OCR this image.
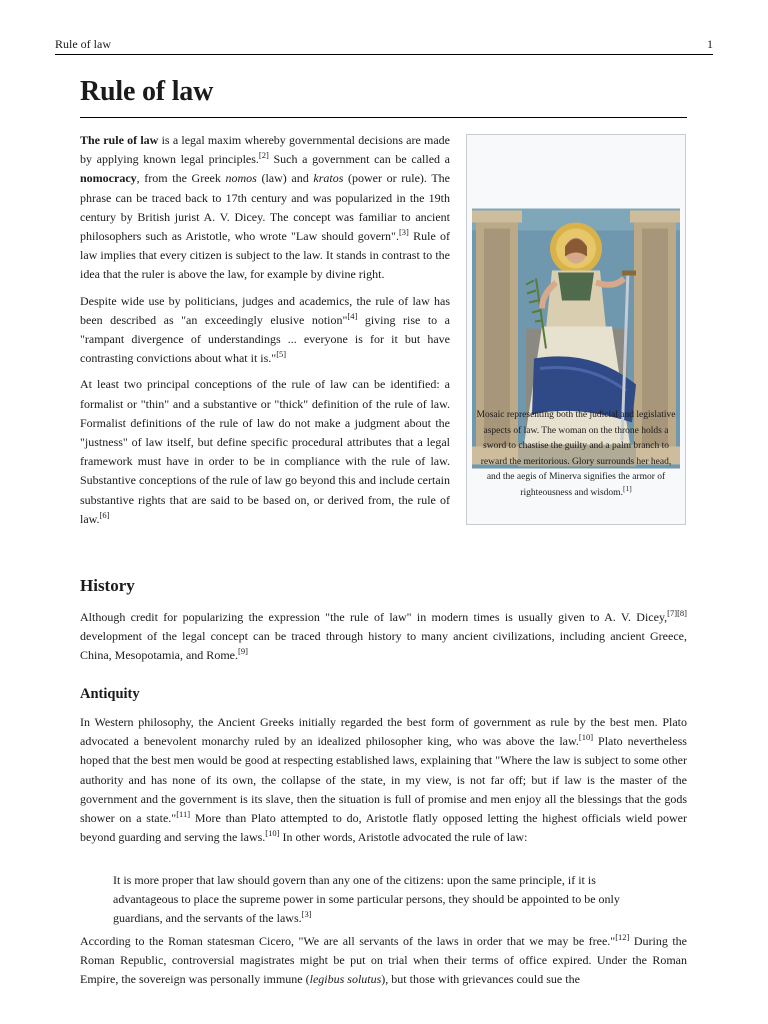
Rule of law	1
Rule of law

The rule of law is a legal maxim whereby governmental decisions are made by applying known legal principles.[2] Such a government can be called a nomocracy, from the Greek nomos (law) and kratos (power or rule). The phrase can be traced back to 17th century and was popularized in the 19th century by British jurist A. V. Dicey. The concept was familiar to ancient philosophers such as Aristotle, who wrote "Law should govern".[3] Rule of law implies that every citizen is subject to the law. It stands in contrast to the idea that the ruler is above the law, for example by divine right.

Despite wide use by politicians, judges and academics, the rule of law has been described as "an exceedingly elusive notion"[4] giving rise to a "rampant divergence of understandings ... everyone is for it but have contrasting convictions about what it is."[5]

At least two principal conceptions of the rule of law can be identified: a formalist or "thin" and a substantive or "thick" definition of the rule of law. Formalist definitions of the rule of law do not make a judgment about the "justness" of law itself, but define specific procedural attributes that a legal framework must have in order to be in compliance with the rule of law. Substantive conceptions of the rule of law go beyond this and include certain substantive rights that are said to be based on, or derived from, the rule of law.[6]

Mosaic representing both the judicial and legislative aspects of law. The woman on the throne holds a sword to chastise the guilty and a palm branch to reward the meritorious. Glory surrounds her head, and the aegis of Minerva signifies the armor of righteousness and wisdom.[1]
History

Although credit for popularizing the expression "the rule of law" in modern times is usually given to A. V. Dicey,[7][8] development of the legal concept can be traced through history to many ancient civilizations, including ancient Greece, China, Mesopotamia, and Rome.[9]

Antiquity

In Western philosophy, the Ancient Greeks initially regarded the best form of government as rule by the best men. Plato advocated a benevolent monarchy ruled by an idealized philosopher king, who was above the law.[10] Plato nevertheless hoped that the best men would be good at respecting established laws, explaining that "Where the law is subject to some other authority and has none of its own, the collapse of the state, in my view, is not far off; but if law is the master of the government and the government is its slave, then the situation is full of promise and men enjoy all the blessings that the gods shower on a state."[11] More than Plato attempted to do, Aristotle flatly opposed letting the highest officials wield power beyond guarding and serving the laws.[10] In other words, Aristotle advocated the rule of law:

It is more proper that law should govern than any one of the citizens: upon the same principle, if it is advantageous to place the supreme power in some particular persons, they should be appointed to be only guardians, and the servants of the laws.[3]

According to the Roman statesman Cicero, "We are all servants of the laws in order that we may be free."[12] During the Roman Republic, controversial magistrates might be put on trial when their terms of office expired. Under the Roman Empire, the sovereign was personally immune (legibus solutus), but those with grievances could sue the
